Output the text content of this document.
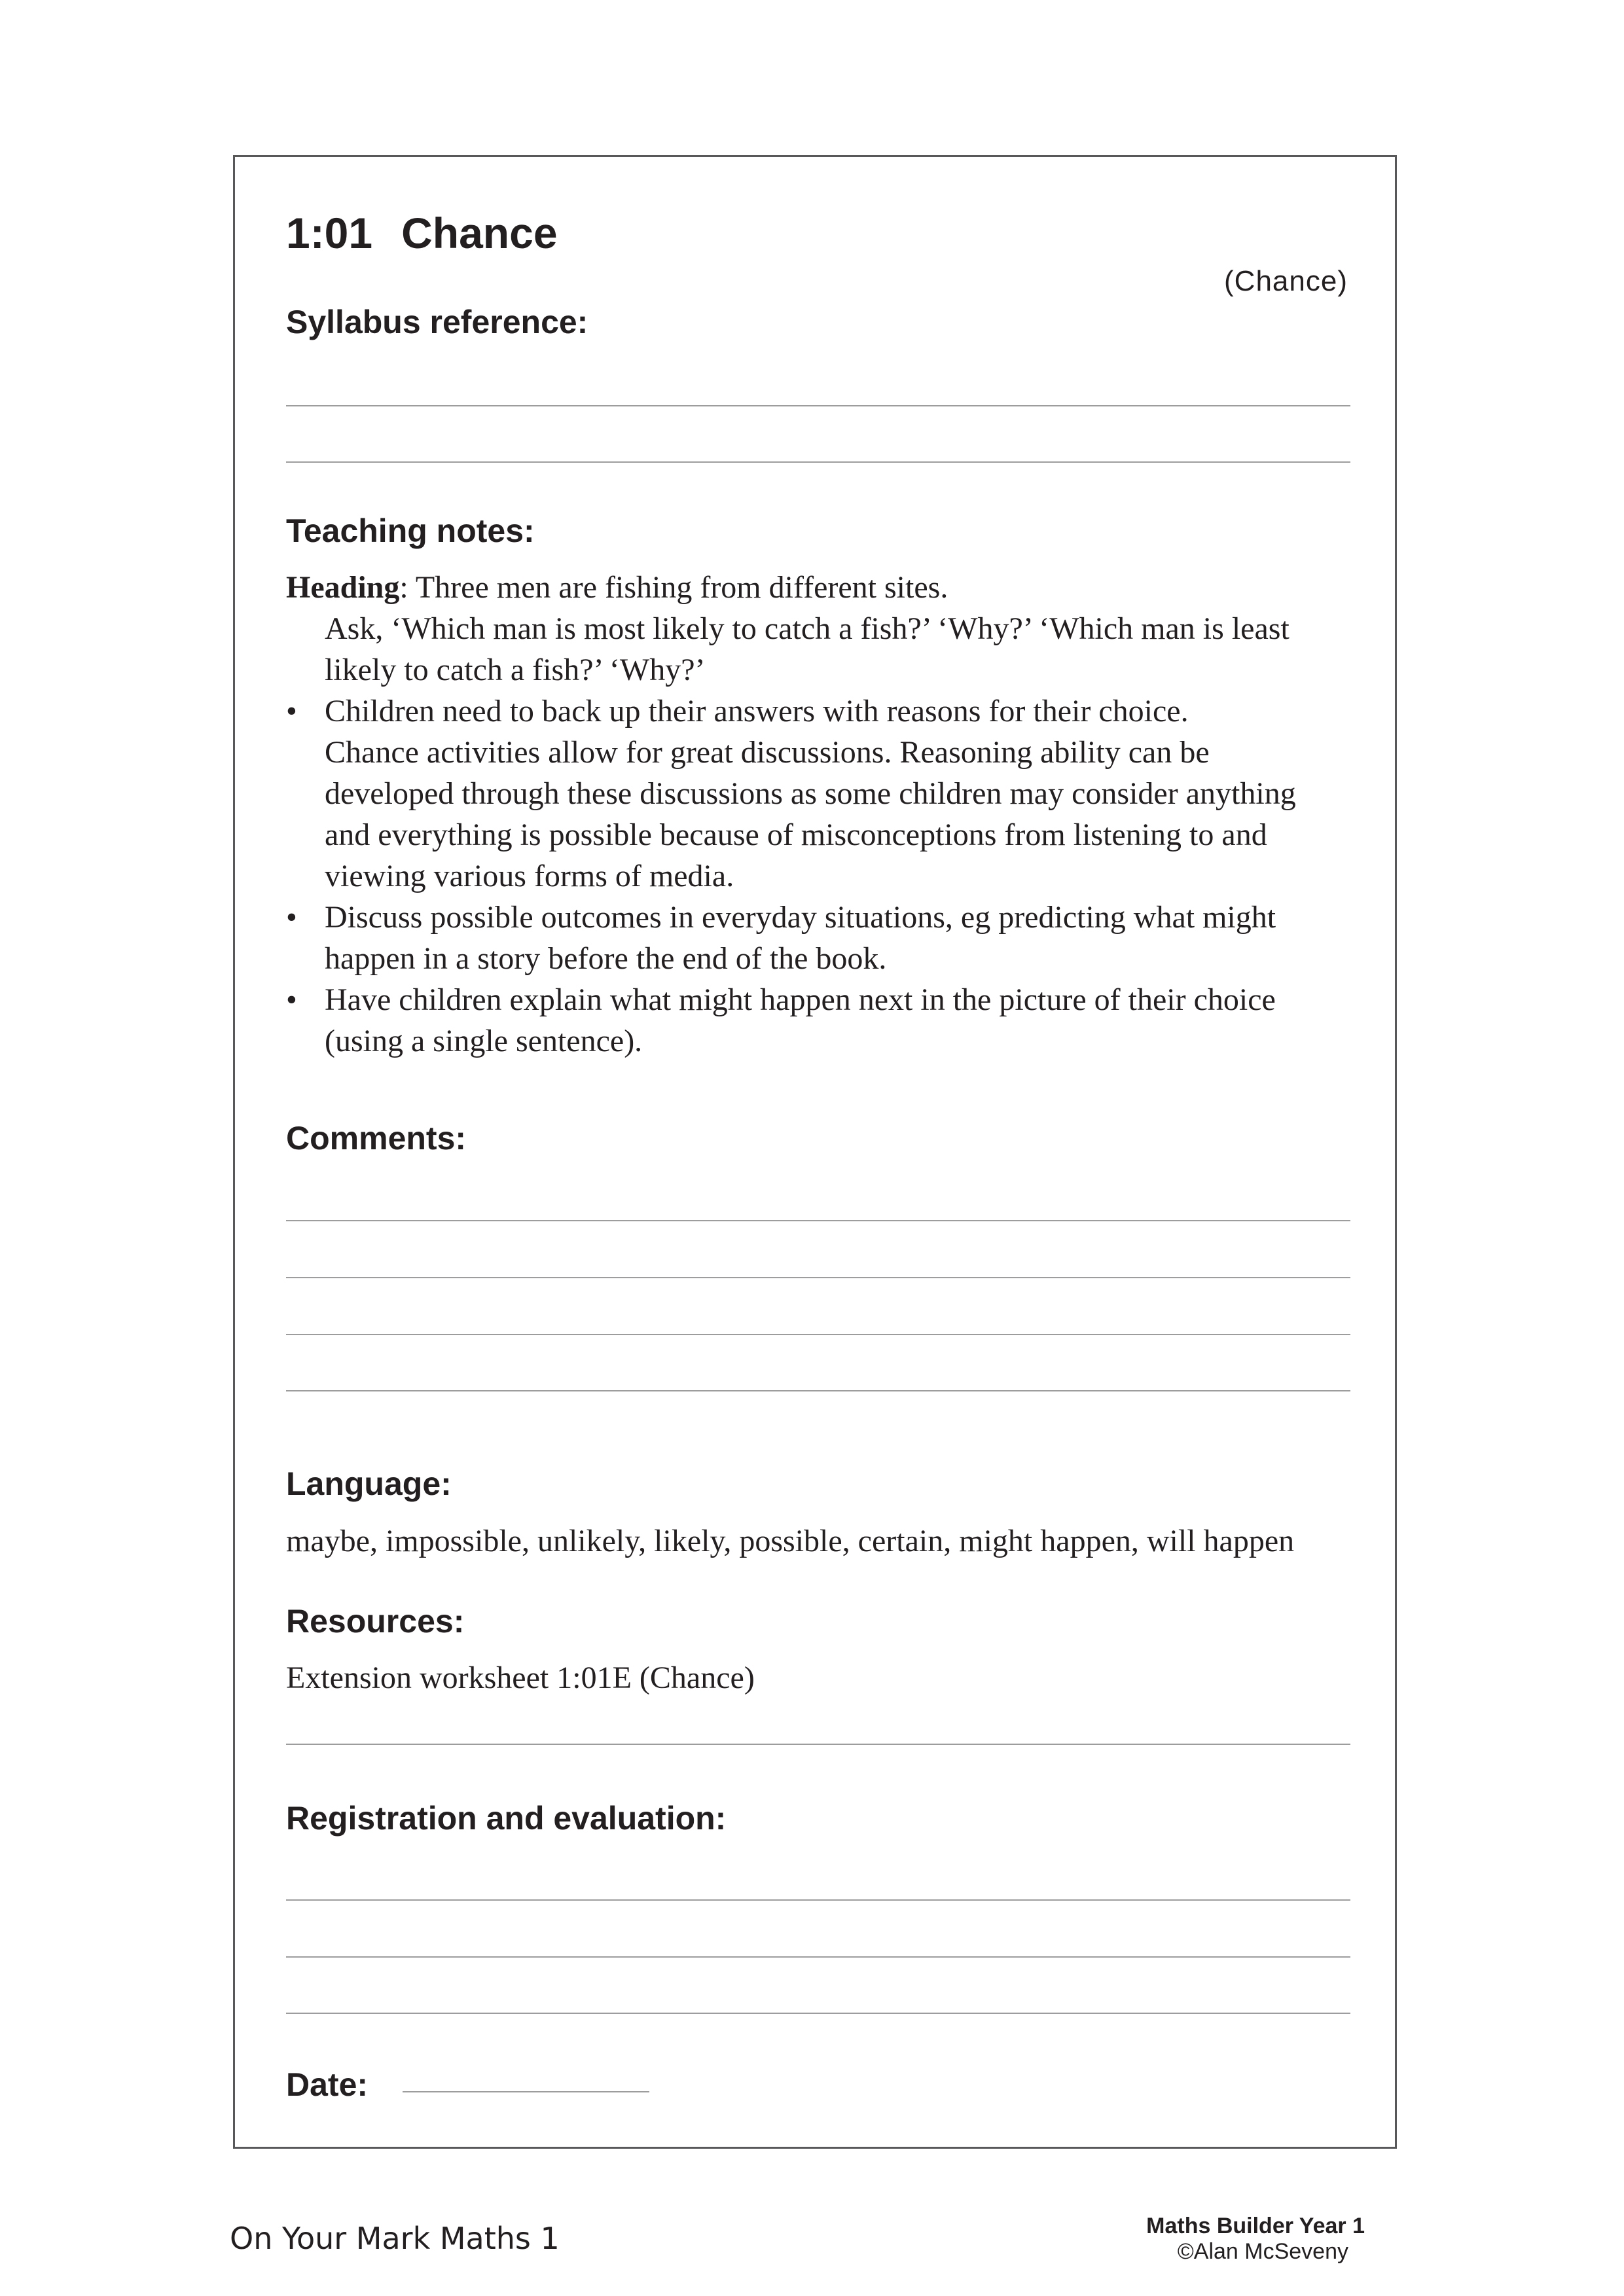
1:01 Chance
(Chance)
Syllabus reference:
Teaching notes:

Heading: Three men are fishing from different sites.

Ask, ‘Which man is most likely to catch a fish?’ ‘Why?’ ‘Which man is least

likely to catch a fish?’ ‘Why?’

• Children need to back up their answers with reasons for their choice.

Chance activities allow for great discussions. Reasoning ability can be

developed through these discussions as some children may consider anything

and everything is possible because of misconceptions from listening to and

viewing various forms of media.

• Discuss possible outcomes in everyday situations, eg predicting what might

happen in a story before the end of the book.

• Have children explain what might happen next in the picture of their choice

(using a single sentence).

Comments:
Language:
maybe, impossible, unlikely, likely, possible, certain, might happen, will happen
Resources:
Extension worksheet 1:01E (Chance)
Registration and evaluation:
Date:
On Your Mark Maths 1	Maths Builder Year 1
©Alan McSeveny
